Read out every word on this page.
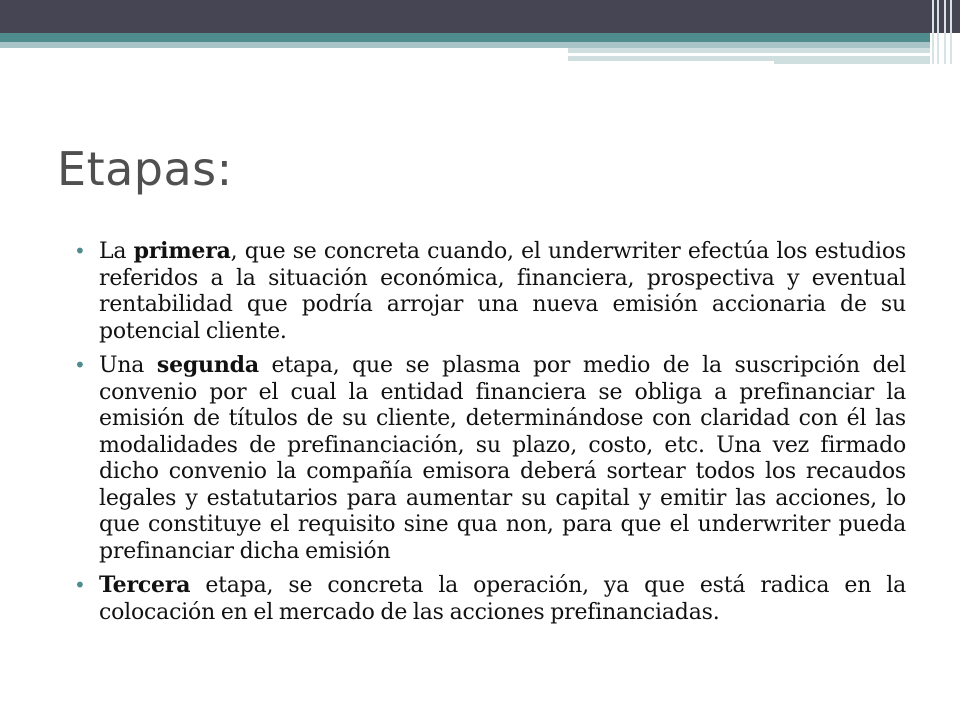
Etapas:
• La primera, que se concreta cuando, el underwriter efectúa los estudios referidos a la situación económica, financiera, prospectiva y eventual rentabilidad que podría arrojar una nueva emisión accionaria de su potencial cliente.
• Una segunda etapa, que se plasma por medio de la suscripción del convenio por el cual la entidad financiera se obliga a prefinanciar la emisión de títulos de su cliente, determinándose con claridad con él las modalidades de prefinanciación, su plazo, costo, etc. Una vez firmado dicho convenio la compañía emisora deberá sortear todos los recaudos legales y estatutarios para aumentar su capital y emitir las acciones, lo que constituye el requisito sine qua non, para que el underwriter pueda prefinanciar dicha emisión
• Tercera etapa, se concreta la operación, ya que está radica en la colocación en el mercado de las acciones prefinanciadas.
